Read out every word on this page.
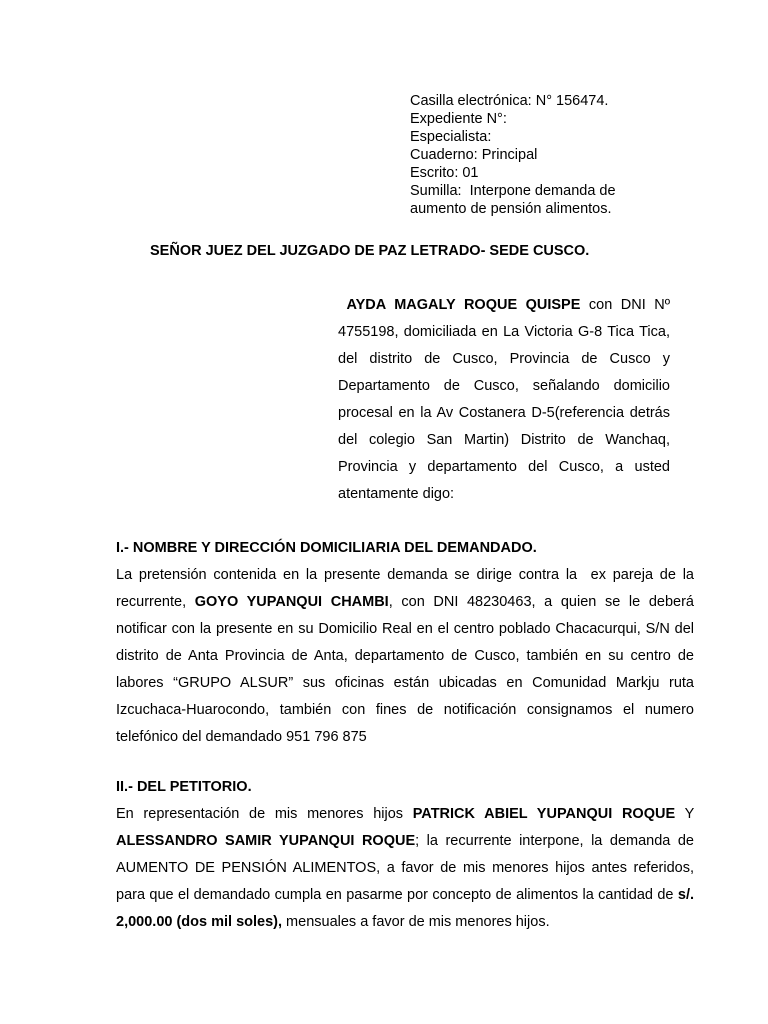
Casilla electrónica: N° 156474.
Expediente N°:
Especialista:
Cuaderno: Principal
Escrito: 01
Sumilla:  Interpone demanda de
aumento de pensión alimentos.
SEÑOR JUEZ DEL JUZGADO DE PAZ LETRADO- SEDE CUSCO.
AYDA MAGALY ROQUE QUISPE con DNI Nº 4755198, domiciliada en La Victoria G-8 Tica Tica, del distrito de Cusco, Provincia de Cusco y Departamento de Cusco, señalando domicilio procesal en la Av Costanera D-5(referencia detrás del colegio San Martin) Distrito de Wanchaq, Provincia y departamento del Cusco, a usted atentamente digo:
I.- NOMBRE Y DIRECCIÓN DOMICILIARIA DEL DEMANDADO.
La pretensión contenida en la presente demanda se dirige contra la  ex pareja de la recurrente, GOYO YUPANQUI CHAMBI, con DNI 48230463, a quien se le deberá notificar con la presente en su Domicilio Real en el centro poblado Chacacurqui, S/N del distrito de Anta Provincia de Anta, departamento de Cusco, también en su centro de labores “GRUPO ALSUR” sus oficinas están ubicadas en Comunidad Markju ruta Izcuchaca-Huarocondo, también con fines de notificación consignamos el numero telefónico del demandado 951 796 875
II.- DEL PETITORIO.
En representación de mis menores hijos PATRICK ABIEL YUPANQUI ROQUE Y ALESSANDRO SAMIR YUPANQUI ROQUE; la recurrente interpone, la demanda de AUMENTO DE PENSIÓN ALIMENTOS, a favor de mis menores hijos antes referidos, para que el demandado cumpla en pasarme por concepto de alimentos la cantidad de s/. 2,000.00 (dos mil soles), mensuales a favor de mis menores hijos.
